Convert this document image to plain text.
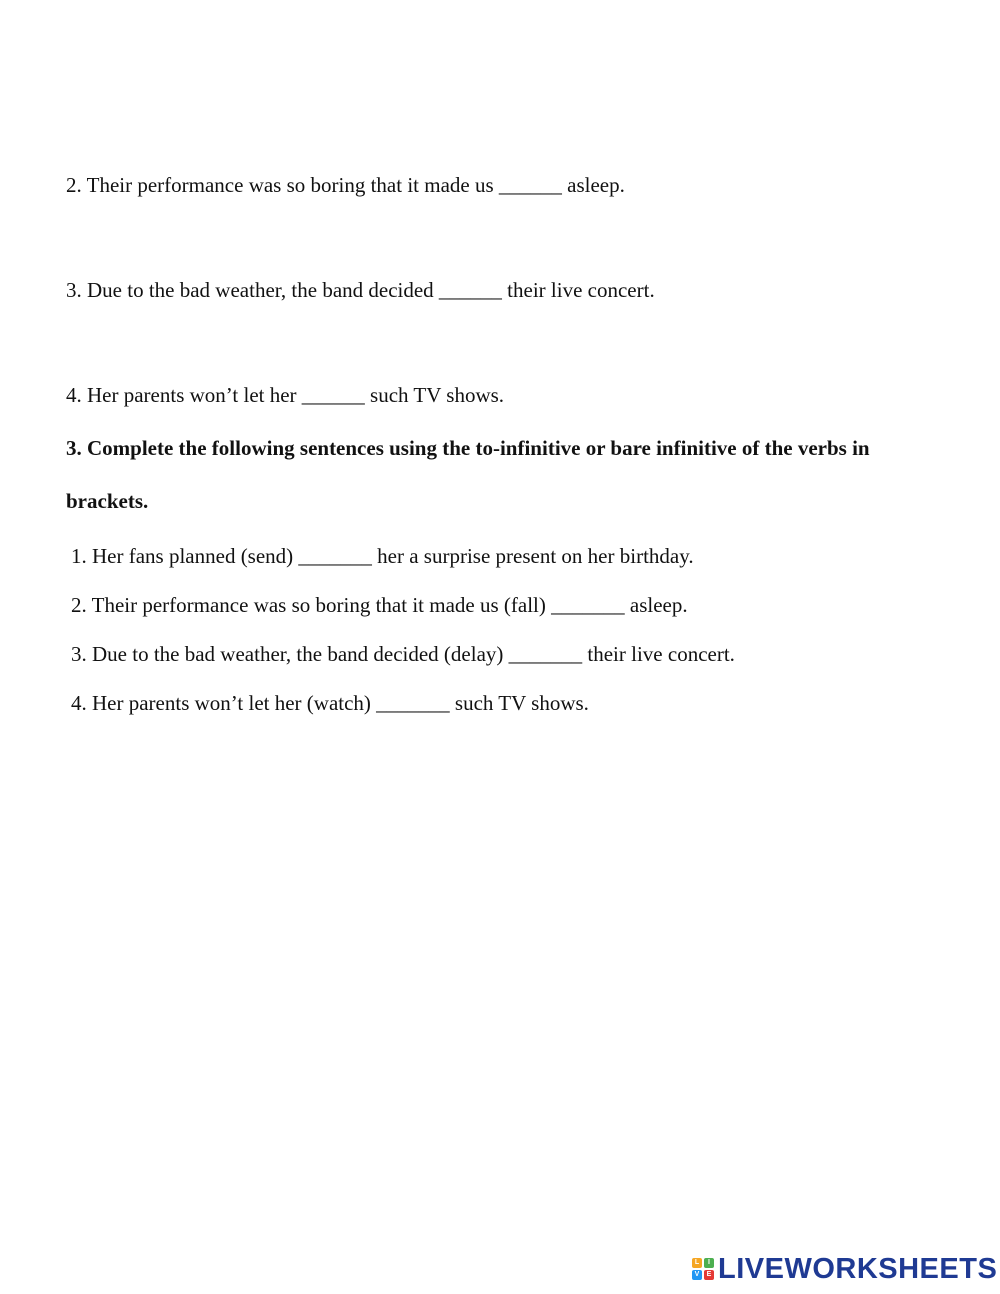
2. Their performance was so boring that it made us ______ asleep.
3. Due to the bad weather, the band decided ______ their live concert.
4. Her parents won’t let her ______ such TV shows.
3. Complete the following sentences using the to-infinitive or bare infinitive of the verbs in
brackets.
1. Her fans planned (send) _______ her a surprise present on her birthday.
2. Their performance was so boring that it made us (fall) _______ asleep.
3. Due to the bad weather, the band decided (delay) _______ their live concert.
4. Her parents won’t let her (watch) _______ such TV shows.
L	I
V	E LIVEWORKSHEETS
